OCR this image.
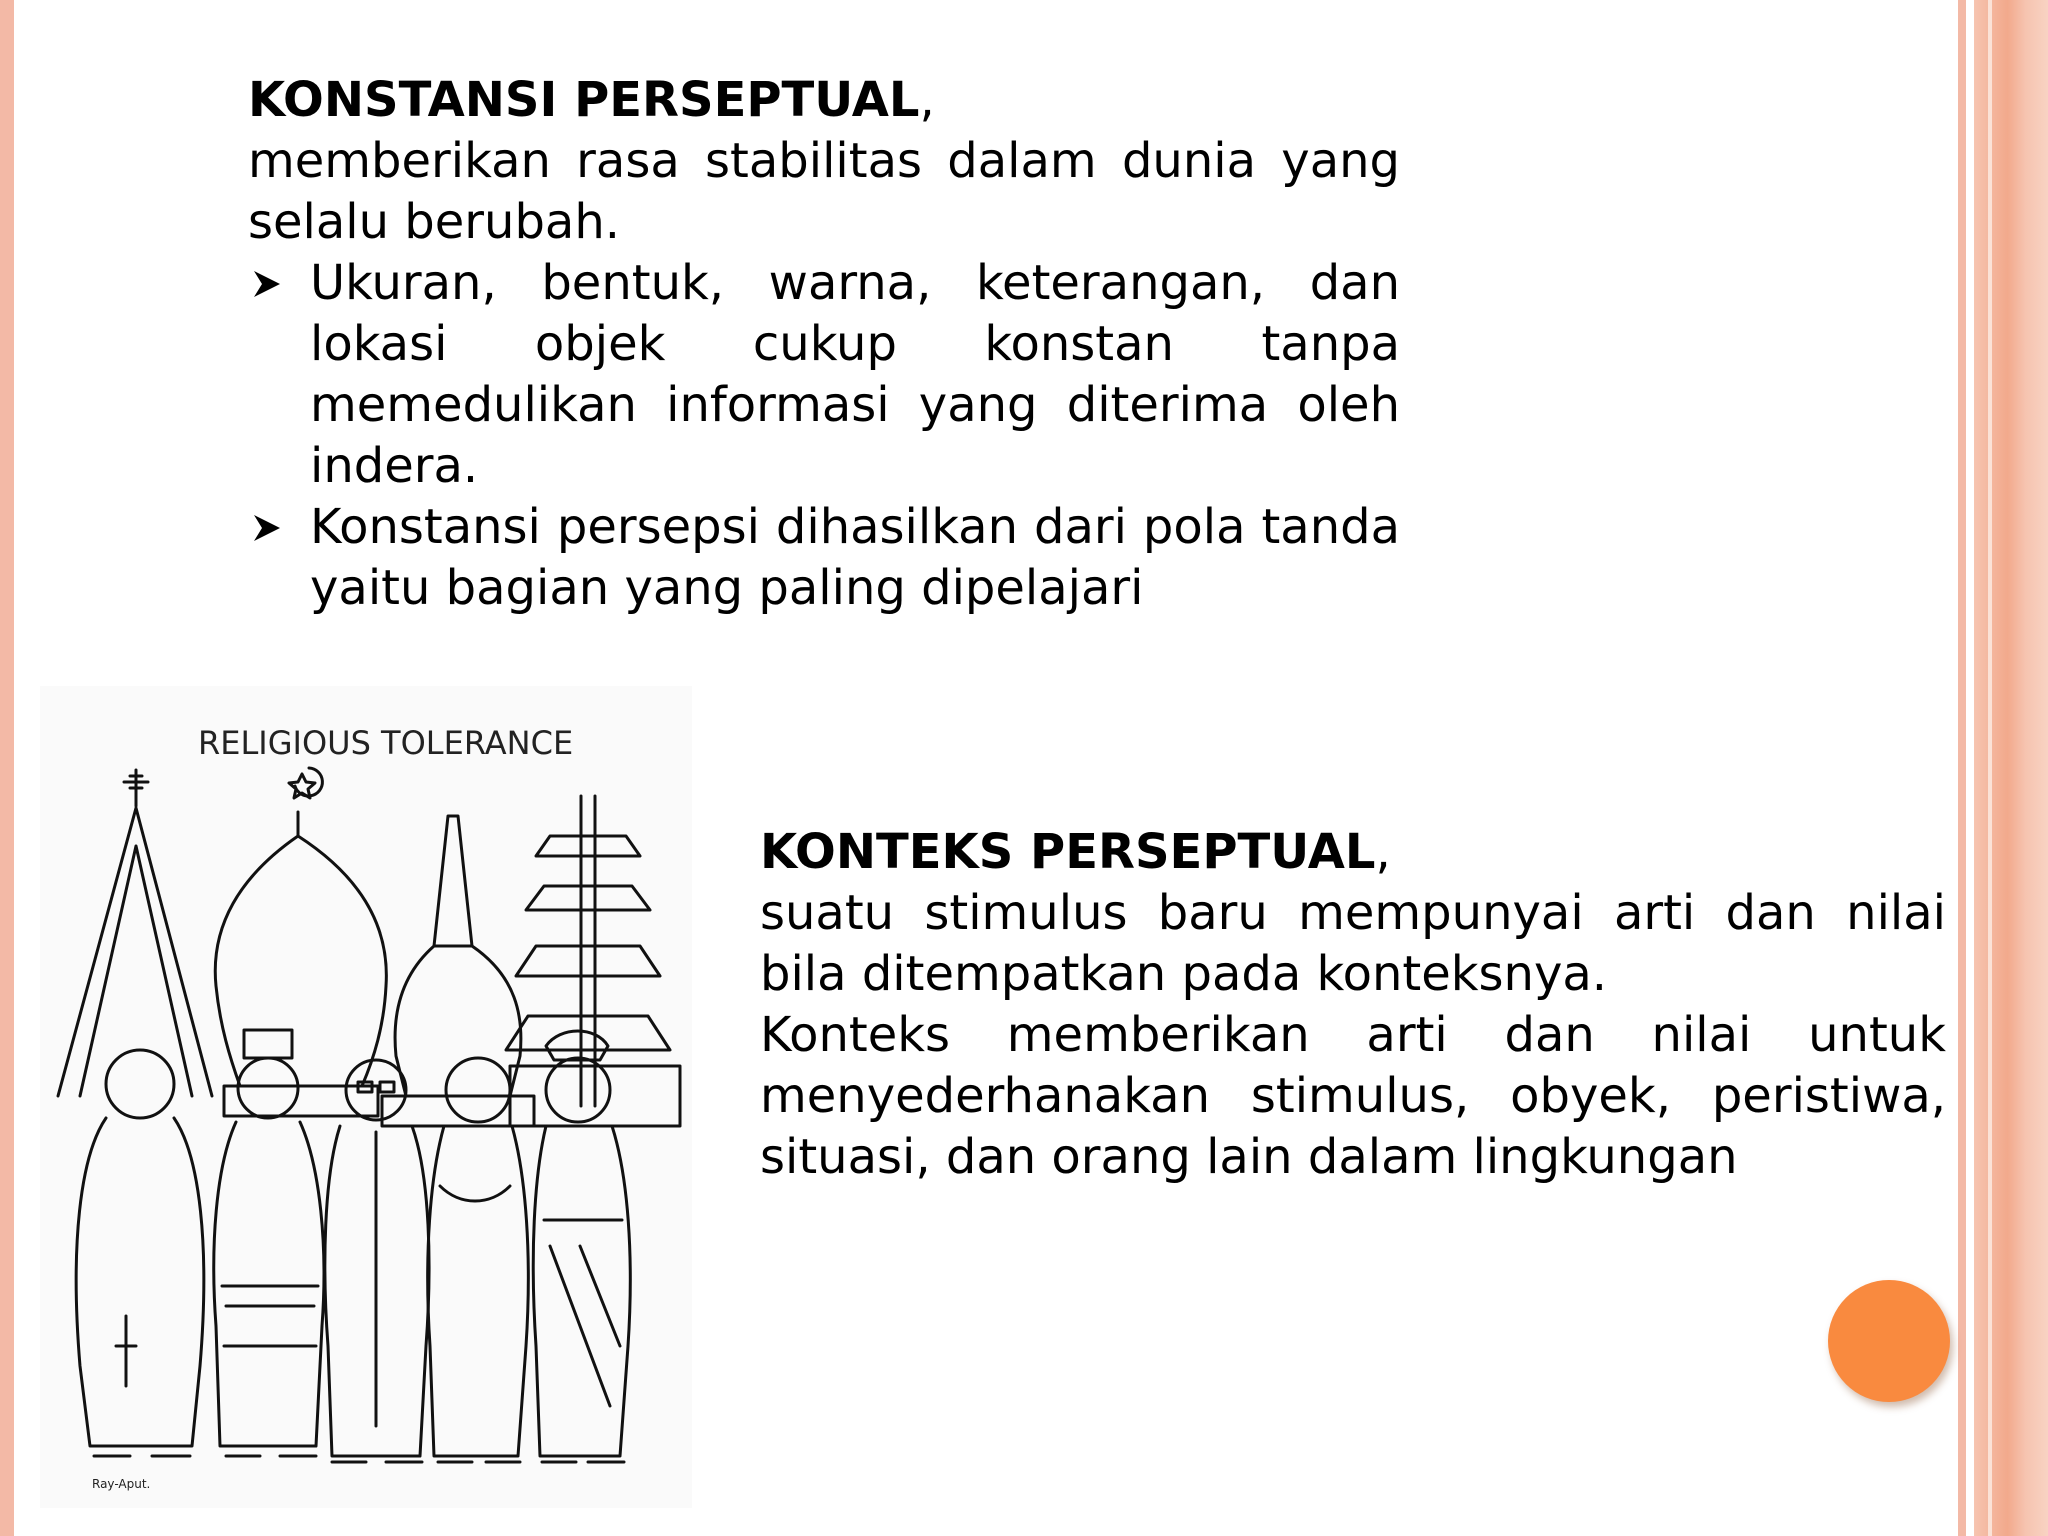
KONSTANSI PERSEPTUAL,
memberikan rasa stabilitas dalam dunia yang selalu berubah.
Ukuran, bentuk, warna, keterangan, dan lokasi objek cukup konstan tanpa memedulikan informasi yang diterima oleh indera.
Konstansi persepsi dihasilkan dari pola tanda yaitu bagian yang paling dipelajari
RELIGIOUS TOLERANCE
Ray-Aput.
KONTEKS PERSEPTUAL,
suatu stimulus baru mempunyai arti dan nilai bila ditempatkan pada konteksnya.
Konteks memberikan arti dan nilai untuk menyederhanakan stimulus, obyek, peristiwa, situasi, dan orang lain dalam lingkungan
